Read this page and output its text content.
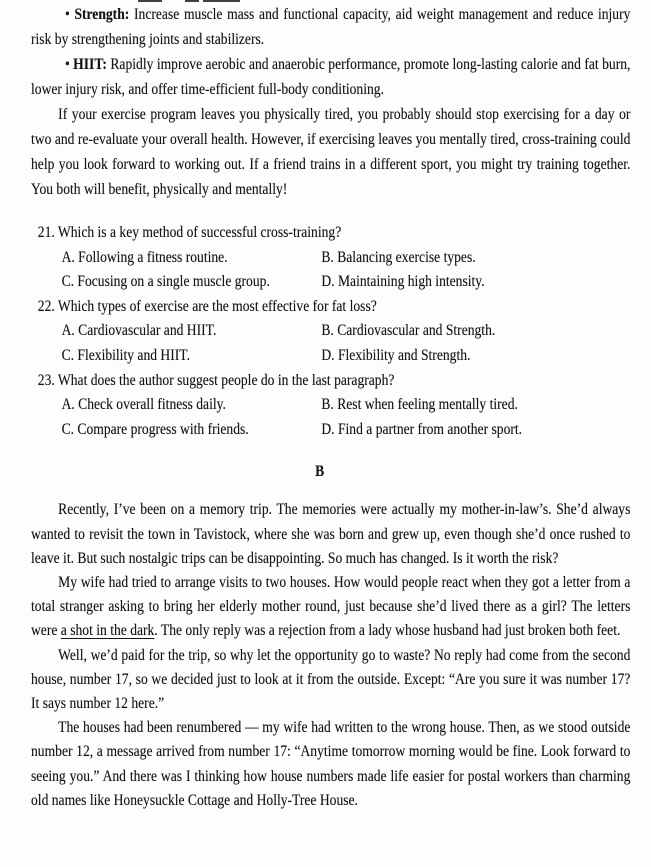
• Strength: Increase muscle mass and functional capacity, aid weight management and reduce injury risk by strengthening joints and stabilizers.

• HIIT: Rapidly improve aerobic and anaerobic performance, promote long-lasting calorie and fat burn, lower injury risk, and offer time-efficient full-body conditioning.

If your exercise program leaves you physically tired, you probably should stop exercising for a day or two and re-evaluate your overall health. However, if exercising leaves you mentally tired, cross-training could help you look forward to working out. If a friend trains in a different sport, you might try training together. You both will benefit, physically and mentally!

21. Which is a key method of successful cross-training?
A. Following a fitness routine.	B. Balancing exercise types.
C. Focusing on a single muscle group.	D. Maintaining high intensity.
22. Which types of exercise are the most effective for fat loss?
A. Cardiovascular and HIIT.	B. Cardiovascular and Strength.
C. Flexibility and HIIT.	D. Flexibility and Strength.
23. What does the author suggest people do in the last paragraph?
A. Check overall fitness daily.	B. Rest when feeling mentally tired.
C. Compare progress with friends.	D. Find a partner from another sport.
B

Recently, I’ve been on a memory trip. The memories were actually my mother-in-law’s. She’d always wanted to revisit the town in Tavistock, where she was born and grew up, even though she’d once rushed to leave it. But such nostalgic trips can be disappointing. So much has changed. Is it worth the risk?

My wife had tried to arrange visits to two houses. How would people react when they got a letter from a total stranger asking to bring her elderly mother round, just because she’d lived there as a girl? The letters were a shot in the dark. The only reply was a rejection from a lady whose husband had just broken both feet.

Well, we’d paid for the trip, so why let the opportunity go to waste? No reply had come from the second house, number 17, so we decided just to look at it from the outside. Except: “Are you sure it was number 17? It says number 12 here.”

The houses had been renumbered — my wife had written to the wrong house. Then, as we stood outside number 12, a message arrived from number 17: “Anytime tomorrow morning would be fine. Look forward to seeing you.” And there was I thinking how house numbers made life easier for postal workers than charming old names like Honeysuckle Cottage and Holly-Tree House.
